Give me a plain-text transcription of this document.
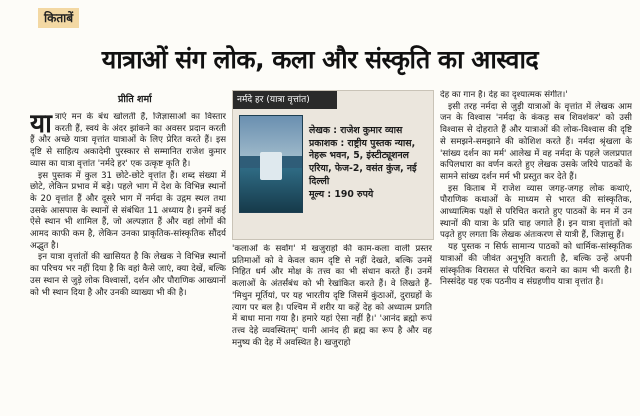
किताबें
यात्राओं संग लोक, कला और संस्कृति का आस्वाद
प्रीति शर्मा

यात्राएं मन के बंध खोलती हैं, जिज्ञासाओं का विस्तार करती हैं, स्वयं के अंदर झांकने का अवसर प्रदान करती हैं और अच्छे यात्रा वृत्तांत यात्राओं के लिए प्रेरित करते हैं। इस दृष्टि से साहित्य अकादेमी पुरस्कार से सम्मानित राजेश कुमार व्यास का यात्रा वृत्तांत 'नर्मदे हर' एक उत्कृष्ट कृति है।

इस पुस्तक में कुल 31 छोटे-छोटे वृत्तांत हैं। शब्द संख्या में छोटे, लेकिन प्रभाव में बड़े। पहले भाग में देश के विभिन्न स्थानों के 20 वृत्तांत हैं और दूसरे भाग में नर्मदा के उद्गम स्थल तथा उसके आसपास के स्थानों से संबंधित 11 अध्याय है। इनमें कई ऐसे स्थान भी शामिल हैं, जो अल्पज्ञात हैं और वहां लोगों की आमद काफी कम है, लेकिन उनका प्राकृतिक-सांस्कृतिक सौंदर्य अद्भुत है।

इन यात्रा वृत्तांतों की खासियत है कि लेखक ने विभिन्न स्थानों का परिचय भर नहीं दिया है कि वहां कैसे जाएं, क्या देखें, बल्कि उस स्थान से जुड़े लोक विश्वासों, दर्शन और पौराणिक आख्यानों को भी स्थान दिया है और उनकी व्याख्या भी की है।

नर्मदे हर (यात्रा वृत्तांत)
लेखक : राजेश कुमार व्यास
प्रकाशक : राष्ट्रीय पुस्तक न्यास, नेहरू भवन, 5, इंस्टीट्यूशनल एरिया, फेज-2, वसंत कुंज, नई दिल्ली
मूल्य : 190 रुपये

'कलाओं के सर्वांग' में खजुराहो की काम-कला वाली प्रस्तर प्रतिमाओं को वे केवल काम दृष्टि से नहीं देखते, बल्कि उनमें निहित धर्म और मोक्ष के तत्त्व का भी संधान करते हैं। उनमें कलाओं के अंतर्संबंध को भी रेखांकित करते हैं। वे लिखते हैं- 'मिथुन मूर्तियां, पर यह भारतीय दृष्टि जिसमें कुंठाओं, दुराग्रहों के त्याग पर बल है। पश्चिम में शरीर या कहें देह को अध्यात्म प्रगति में बाधा माना गया है। हमारे यहां ऐसा नहीं है।' 'आनंद ब्रह्मो रूपं तत्त्व देहे व्यवस्थितम्' यानी आनंद ही ब्रह्म का रूप है और वह मनुष्य की देह में अवस्थित है। खजुराहो

देह का गान है। देह का दृश्यात्मक संगीत।'

इसी तरह नर्मदा से जुड़ी यात्राओं के वृत्तांत में लेखक आम जन के विश्वास 'नर्मदा के कंकड़ सब शिवशंकर' को उसी विश्वास से दोहराते हैं और यात्राओं की लोक-विश्वास की दृष्टि से समझने-समझाने की कोशिश करते हैं। नर्मदा श्रृंखला के 'सांख्य दर्शन का मर्म' आलेख में वह नर्मदा के पहले जलप्रपात कपिलधारा का वर्णन करते हुए लेखक उसके जरिये पाठकों के सामने सांख्य दर्शन मर्म भी प्रस्तुत कर देते हैं।

इस किताब में राजेश व्यास जगह-जगह लोक कथाएं, पौराणिक कथाओं के माध्यम से भारत की सांस्कृतिक, आध्यात्मिक पक्षों से परिचित कराते हुए पाठकों के मन में उन स्थानों की यात्रा के प्रति चाह जगाते हैं। इन यात्रा वृत्तांतों को पढ़ते हुए लगता कि लेखक अंतःकरण से यात्री हैं, जिज्ञासु हैं।

यह पुस्तक न सिर्फ सामान्य पाठकों को धार्मिक-सांस्कृतिक यात्राओं की जीवंत अनुभूति कराती है, बल्कि उन्हें अपनी सांस्कृतिक विरासत से परिचित कराने का काम भी करती है। निस्संदेह यह एक पठनीय व संग्रहणीय यात्रा वृत्तांत है।
